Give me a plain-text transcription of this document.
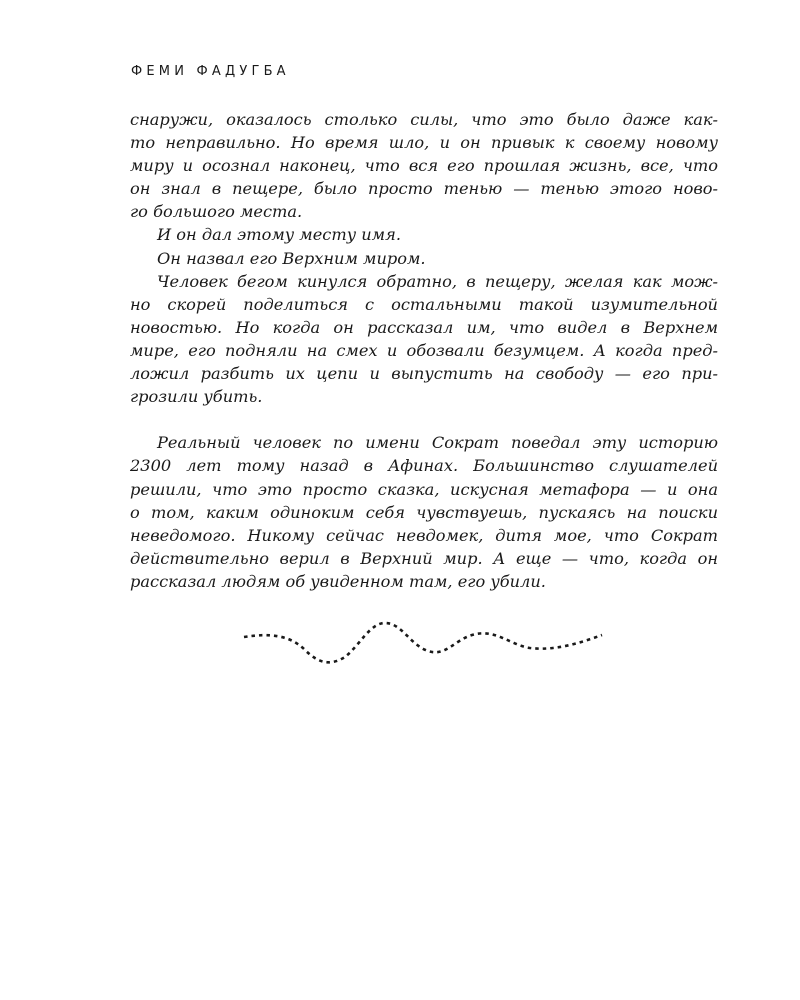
ФЕМИ ФАДУГБА
снаружи, оказалось столько силы, что это было даже как-
то неправильно. Но время шло, и он привык к своему новому
миру и осознал наконец, что вся его прошлая жизнь, все, что
он знал в пещере, было просто тенью — тенью этого ново-
го большого места.
И он дал этому месту имя.
Он назвал его Верхним миром.
Человек бегом кинулся обратно, в пещеру, желая как мож-
но скорей поделиться с остальными такой изумительной
новостью. Но когда он рассказал им, что видел в Верхнем
мире, его подняли на смех и обозвали безумцем. А когда пред-
ложил разбить их цепи и выпустить на свободу — его при-
грозили убить.
Реальный человек по имени Сократ поведал эту историю
2300 лет тому назад в Афинах. Большинство слушателей
решили, что это просто сказка, искусная метафора — и она
о том, каким одиноким себя чувствуешь, пускаясь на поиски
неведомого. Никому сейчас невдомек, дитя мое, что Сократ
действительно верил в Верхний мир. А еще — что, когда он
рассказал людям об увиденном там, его убили.
